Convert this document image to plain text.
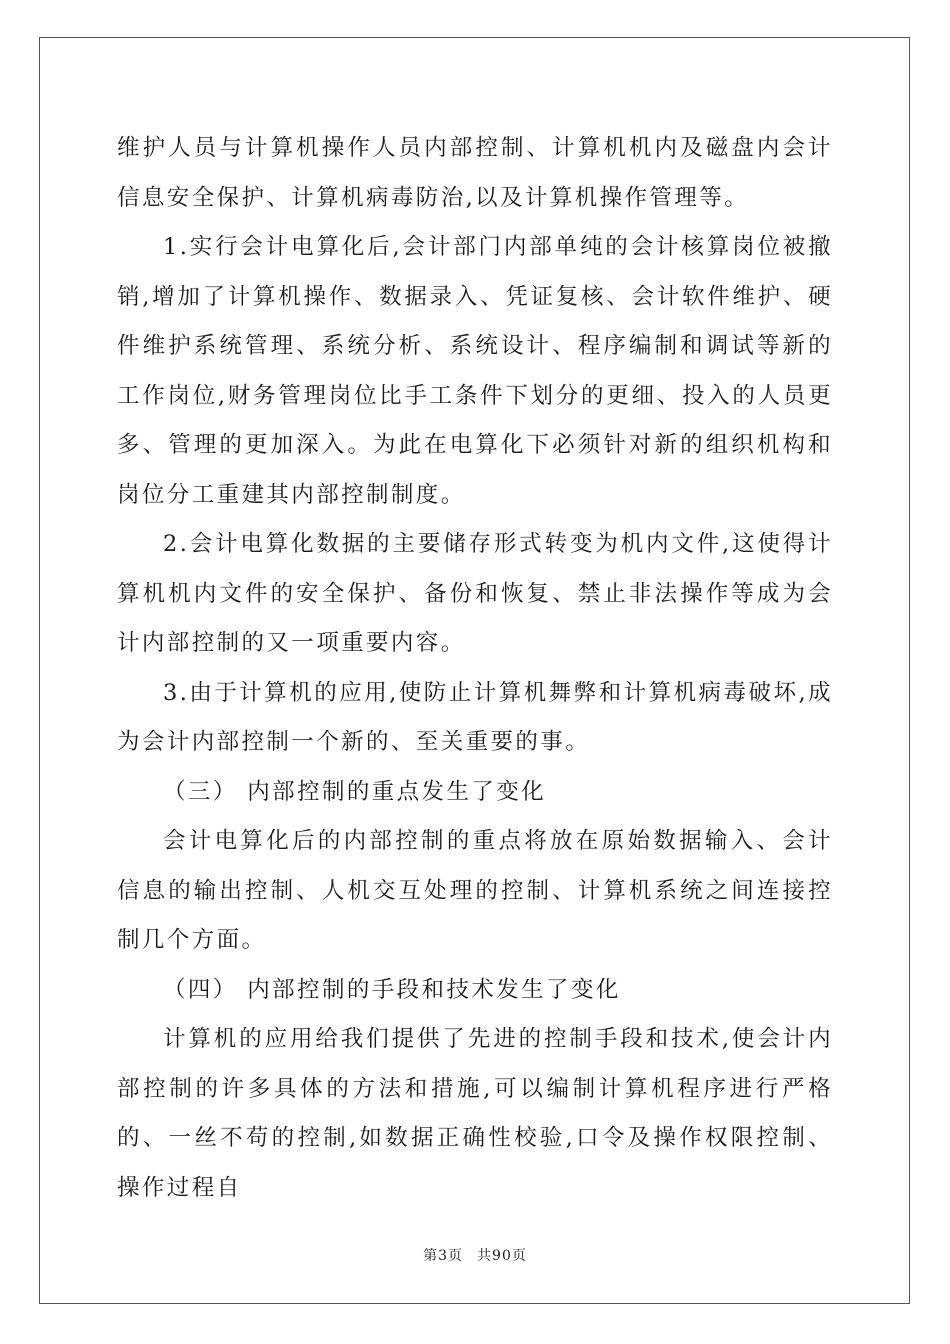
维护人员与计算机操作人员内部控制、计算机机内及磁盘内会计信息安全保护、计算机病毒防治,以及计算机操作管理等。

1.实行会计电算化后,会计部门内部单纯的会计核算岗位被撤销,增加了计算机操作、数据录入、凭证复核、会计软件维护、硬件维护系统管理、系统分析、系统设计、程序编制和调试等新的工作岗位,财务管理岗位比手工条件下划分的更细、投入的人员更多、管理的更加深入。为此在电算化下必须针对新的组织机构和岗位分工重建其内部控制制度。

2.会计电算化数据的主要储存形式转变为机内文件,这使得计算机机内文件的安全保护、备份和恢复、禁止非法操作等成为会计内部控制的又一项重要内容。

3.由于计算机的应用,使防止计算机舞弊和计算机病毒破坏,成为会计内部控制一个新的、至关重要的事。

（三） 内部控制的重点发生了变化

会计电算化后的内部控制的重点将放在原始数据输入、会计信息的输出控制、人机交互处理的控制、计算机系统之间连接控制几个方面。

（四） 内部控制的手段和技术发生了变化

计算机的应用给我们提供了先进的控制手段和技术,使会计内部控制的许多具体的方法和措施,可以编制计算机程序进行严格的、一丝不苟的控制,如数据正确性校验,口令及操作权限控制、操作过程自

第3页 共90页
